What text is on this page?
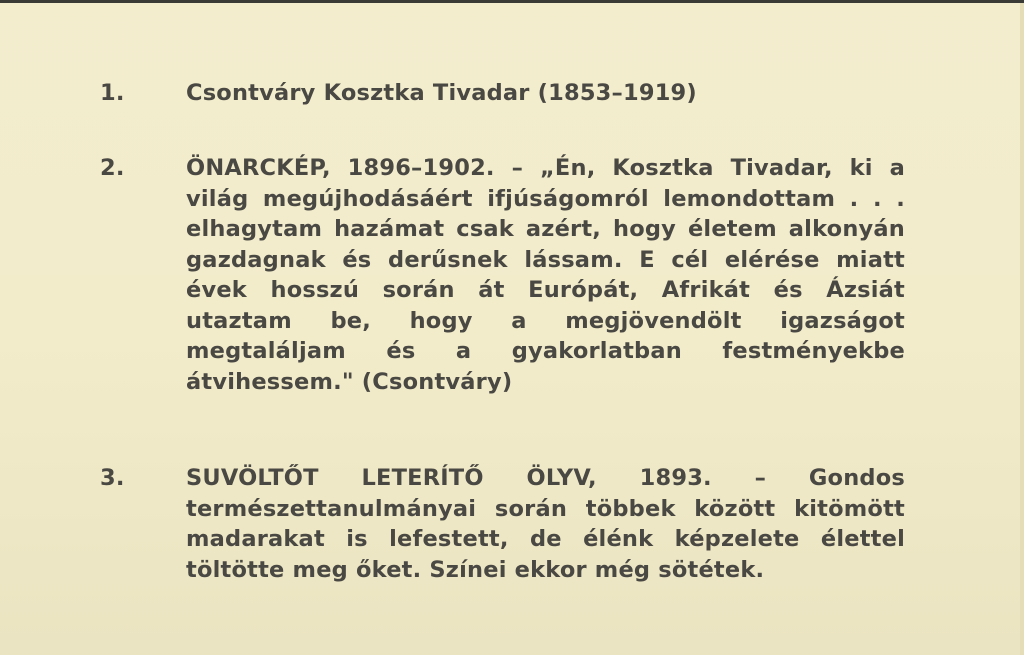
1.	Csontváry Kosztka Tivadar (1853–1919)

2.	ÖNARCKÉP, 1896–1902. – „Én, Kosztka Tivadar, ki a világ megújhodásáért ifjúságomról lemondottam . . . elhagytam hazámat csak azért, hogy életem alkonyán gazdagnak és derűsnek lássam. E cél elérése miatt évek hosszú során át Európát, Afrikát és Ázsiát utaztam be, hogy a megjövendölt igazságot megtaláljam és a gyakorlatban festményekbe átvihessem." (Csontváry)

3.	SUVÖLTŐT LETERÍTŐ ÖLYV, 1893. – Gondos természettanulmányai során többek között kitömött madarakat is lefestett, de élénk képzelete élettel töltötte meg őket. Színei ekkor még sötétek.
